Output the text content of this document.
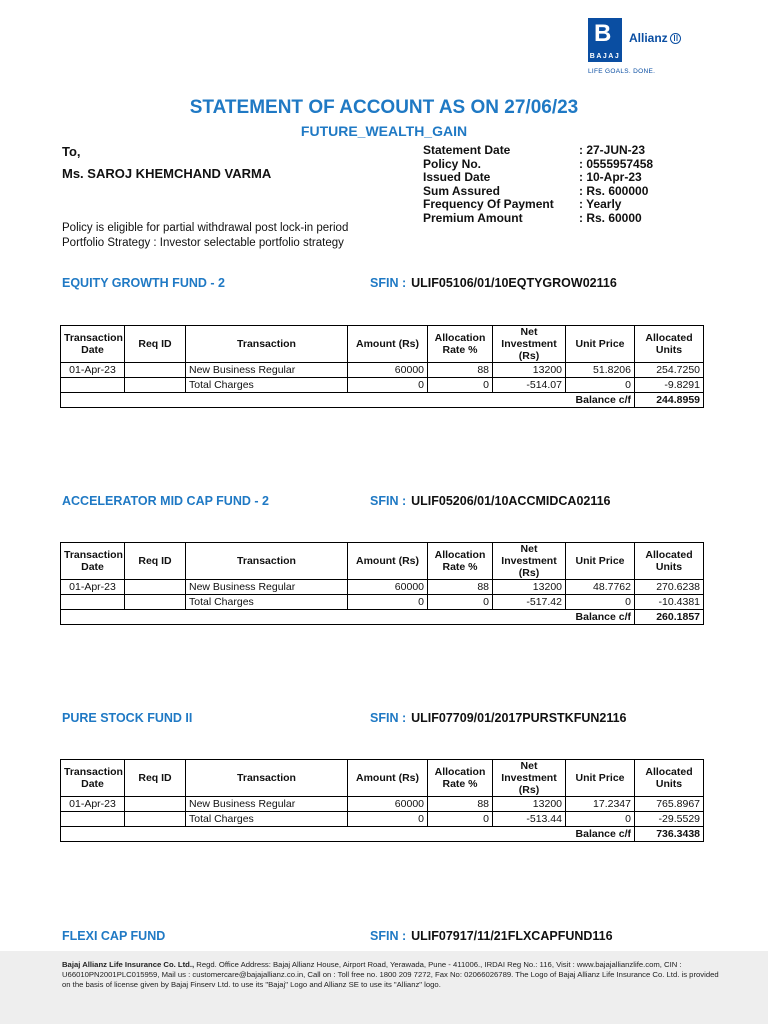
B
BAJAJ
Allianz
LIFE GOALS. DONE.
STATEMENT OF ACCOUNT AS ON 27/06/23
FUTURE_WEALTH_GAIN
To,
Ms. SAROJ KHEMCHAND VARMA
Statement Date	: 27-JUN-23
Policy No.	: 0555957458
Issued Date	: 10-Apr-23
Sum Assured	: Rs. 600000
Frequency Of Payment : Yearly
Premium Amount	: Rs. 60000
Policy is eligible for partial withdrawal post lock-in period
Portfolio Strategy : Investor selectable portfolio strategy
EQUITY GROWTH FUND - 2	SFIN : ULIF05106/01/10EQTYGROW02116
Transaction Date	Req ID	Transaction	Amount (Rs)	Allocation Rate %	Net Investment (Rs)	Unit Price	Allocated Units
01-Apr-23		New Business Regular	60000	88	13200	51.8206	254.7250
		Total Charges	0	0	-514.07	0	-9.8291
Balance c/f							244.8959
ACCELERATOR MID CAP FUND - 2	SFIN : ULIF05206/01/10ACCMIDCA02116
Transaction Date	Req ID	Transaction	Amount (Rs)	Allocation Rate %	Net Investment (Rs)	Unit Price	Allocated Units
01-Apr-23		New Business Regular	60000	88	13200	48.7762	270.6238
		Total Charges	0	0	-517.42	0	-10.4381
Balance c/f							260.1857
PURE STOCK FUND II	SFIN : ULIF07709/01/2017PURSTKFUN2116
Transaction Date	Req ID	Transaction	Amount (Rs)	Allocation Rate %	Net Investment (Rs)	Unit Price	Allocated Units
01-Apr-23		New Business Regular	60000	88	13200	17.2347	765.8967
		Total Charges	0	0	-513.44	0	-29.5529
Balance c/f							736.3438
FLEXI CAP FUND	SFIN : ULIF07917/11/21FLXCAPFUND116
Bajaj Allianz Life Insurance Co. Ltd., Regd. Office Address: Bajaj Allianz House, Airport Road, Yerawada, Pune - 411006., IRDAI Reg No.: 116, Visit : www.bajajallianzlife.com, CIN : U66010PN2001PLC015959, Mail us : customercare@bajajallianz.co.in, Call on : Toll free no. 1800 209 7272, Fax No: 02066026789. The Logo of Bajaj Allianz Life Insurance Co. Ltd. is provided on the basis of license given by Bajaj Finserv Ltd. to use its "Bajaj" Logo and Allianz SE to use its "Allianz" logo.
